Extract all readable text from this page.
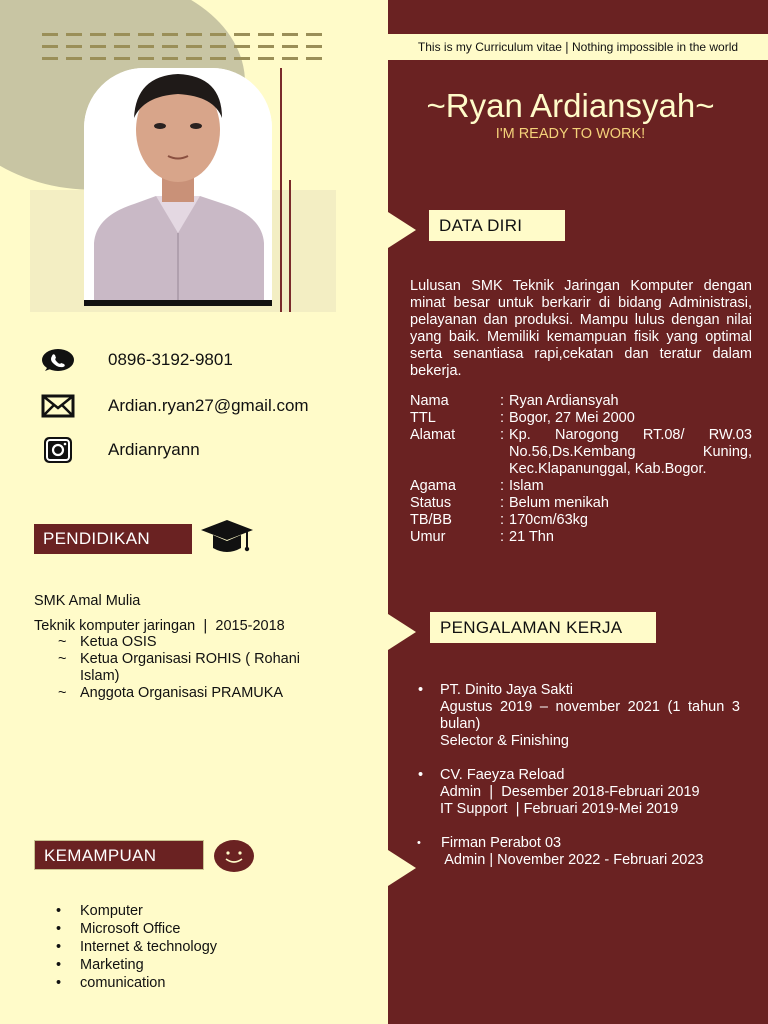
0896-3192-9801
Ardian.ryan27@gmail.com
Ardianryann
PENDIDIKAN
SMK Amal Mulia
Teknik komputer jaringan ❘ 2015-2018
~ Ketua OSIS
~ Ketua Organisasi ROHIS ( Rohani Islam)
~ Anggota Organisasi PRAMUKA
KEMAMPUAN
• Komputer
• Microsoft Office
• Internet & technology
• Marketing
• comunication
This is my Curriculum vitae❘Nothing impossible in the world
~Ryan Ardiansyah~
I'M READY TO WORK!
DATA DIRI
Lulusan SMK Teknik Jaringan Komputer dengan minat besar untuk berkarir di bidang Administrasi, pelayanan dan produksi. Mampu lulus dengan nilai yang baik. Memiliki kemampuan fisik yang optimal serta senantiasa rapi,cekatan dan teratur dalam bekerja.
Nama	: Ryan Ardiansyah
TTL	: Bogor, 27 Mei 2000
Alamat	: Kp. Narogong RT.08/ RW.03 No.56,Ds.Kembang Kuning, Kec.Klapanunggal, Kab.Bogor.
Agama	: Islam
Status	: Belum menikah
TB/BB	: 170cm/63kg
Umur	: 21 Thn
PENGALAMAN KERJA
• PT. Dinito Jaya Sakti
Agustus 2019 – november 2021 (1 tahun 3 bulan)
Selector & Finishing
• CV. Faeyza Reload
Admin ❘ Desember 2018-Februari 2019
IT Support ❘Februari 2019-Mei 2019
• Firman Perabot 03
Admin | November 2022 - Februari 2023
